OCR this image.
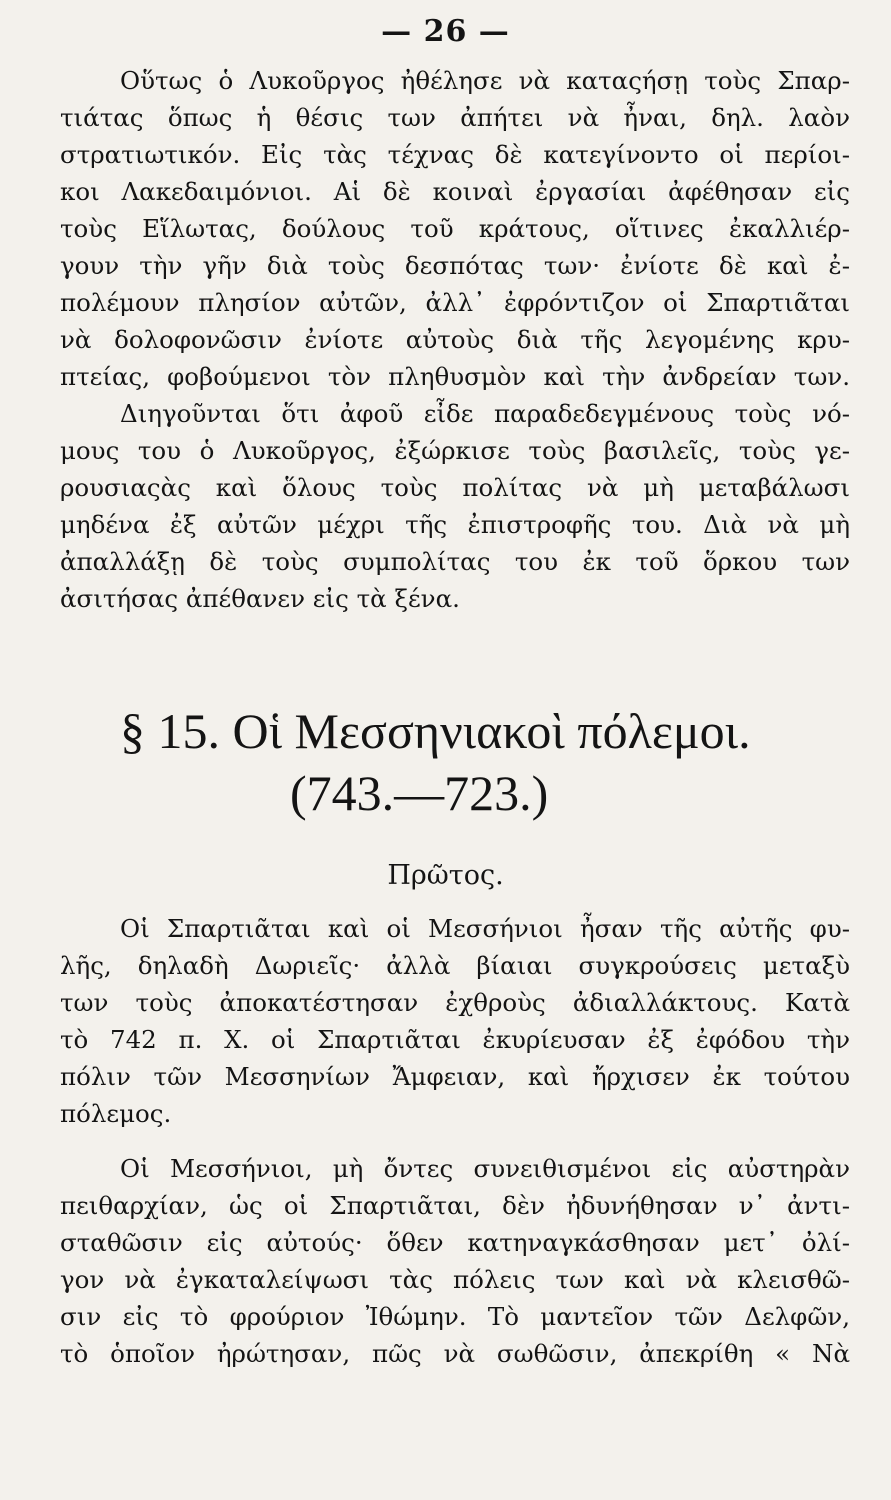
— 26 —
Οὕτως ὁ Λυκοῦργος ἠθέλησε νὰ καταςήσῃ τοὺς Σπαρ-
τιάτας ὅπως ἡ θέσις των ἀπήτει νὰ ἦναι, δηλ. λαὸν
στρατιωτικόν. Εἰς τὰς τέχνας δὲ κατεγίνοντο οἱ περίοι-
κοι Λακεδαιμόνιοι. Αἱ δὲ κοιναὶ ἐργασίαι ἀφέθησαν εἰς
τοὺς Εἵλωτας, δούλους τοῦ κράτους, οἵτινες ἐκαλλιέρ-
γουν τὴν γῆν διὰ τοὺς δεσπότας των· ἐνίοτε δὲ καὶ ἐ-
πολέμουν πλησίον αὐτῶν, ἀλλ᾽ ἐφρόντιζον οἱ Σπαρτιᾶται
νὰ δολοφονῶσιν ἐνίοτε αὐτοὺς διὰ τῆς λεγομένης κρυ-
πτείας, φοβούμενοι τὸν πληθυσμὸν καὶ τὴν ἀνδρείαν των.
Διηγοῦνται ὅτι ἀφοῦ εἶδε παραδεδεγμένους τοὺς νό-
μους του ὁ Λυκοῦργος, ἐξώρκισε τοὺς βασιλεῖς, τοὺς γε-
ρουσιαςὰς καὶ ὅλους τοὺς πολίτας νὰ μὴ μεταβάλωσι
μηδένα ἐξ αὐτῶν μέχρι τῆς ἐπιστροφῆς του. Διὰ νὰ μὴ
ἀπαλλάξῃ δὲ τοὺς συμπολίτας του ἐκ τοῦ ὅρκου των
ἀσιτήσας ἀπέθανεν εἰς τὰ ξένα.
§ 15. Οἱ Μεσσηνιακοὶ πόλεμοι.
(743.—723.)
Πρῶτος.
Οἱ Σπαρτιᾶται καὶ οἱ Μεσσήνιοι ἦσαν τῆς αὐτῆς φυ-
λῆς, δηλαδὴ Δωριεῖς· ἀλλὰ βίαιαι συγκρούσεις μεταξὺ
των τοὺς ἀποκατέστησαν ἐχθροὺς ἀδιαλλάκτους. Κατὰ
τὸ 742 π. Χ. οἱ Σπαρτιᾶται ἐκυρίευσαν ἐξ ἐφόδου τὴν
πόλιν τῶν Μεσσηνίων Ἄμφειαν, καὶ ἤρχισεν ἐκ τούτου
πόλεμος.
Οἱ Μεσσήνιοι, μὴ ὄντες συνειθισμένοι εἰς αὐστηρὰν
πειθαρχίαν, ὡς οἱ Σπαρτιᾶται, δὲν ἠδυνήθησαν ν᾽ ἀντι-
σταθῶσιν εἰς αὐτούς· ὅθεν κατηναγκάσθησαν μετ᾽ ὀλί-
γον νὰ ἐγκαταλείψωσι τὰς πόλεις των καὶ νὰ κλεισθῶ-
σιν εἰς τὸ φρούριον Ἰθώμην. Τὸ μαντεῖον τῶν Δελφῶν,
τὸ ὁποῖον ἠρώτησαν, πῶς νὰ σωθῶσιν, ἀπεκρίθη « Νὰ
